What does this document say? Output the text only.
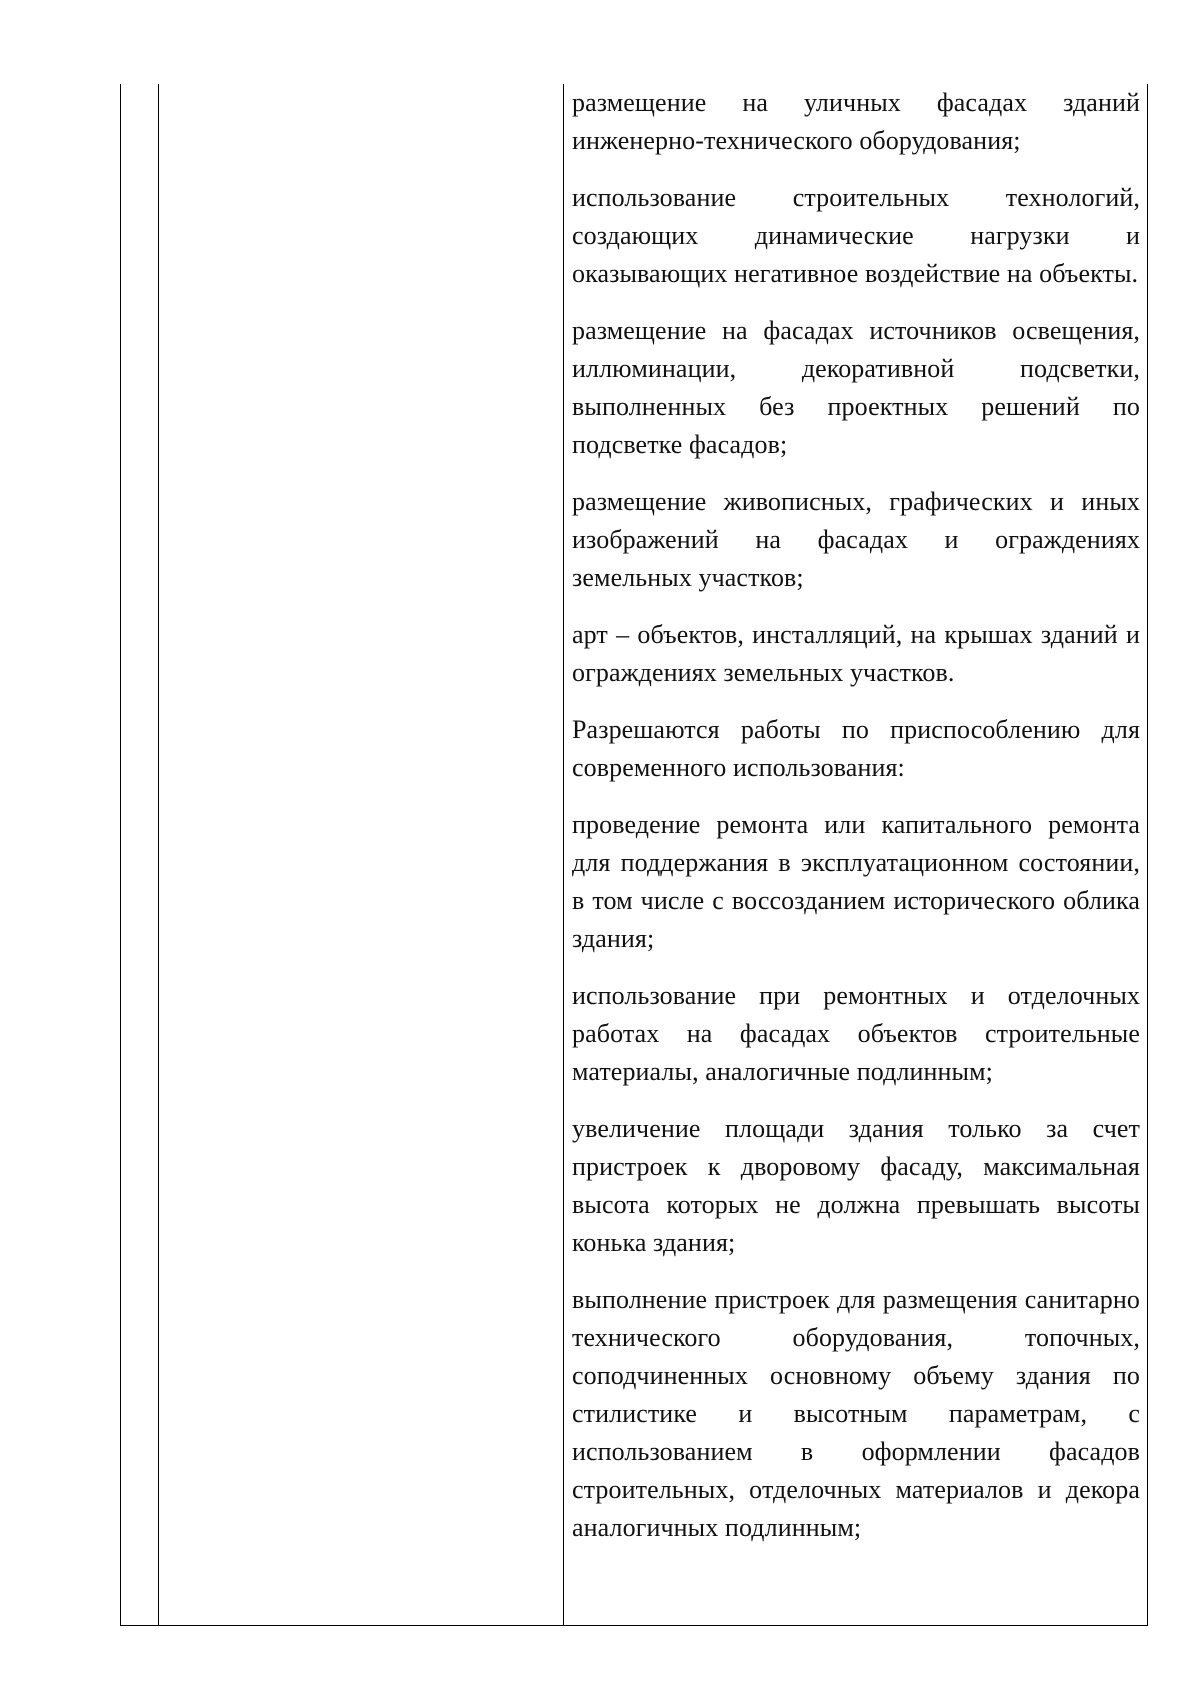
размещение на уличных фасадах зданий инженерно-технического оборудования;

использование строительных технологий, создающих динамические нагрузки и оказывающих негативное воздействие на объекты.

размещение на фасадах источников освещения, иллюминации, декоративной подсветки, выполненных без проектных решений по подсветке фасадов;

размещение живописных, графических и иных изображений на фасадах и ограждениях земельных участков;

арт – объектов, инсталляций, на крышах зданий и ограждениях земельных участков.

Разрешаются работы по приспособлению для современного использования:

проведение ремонта или капитального ремонта для поддержания в эксплуатационном состоянии, в том числе с воссозданием исторического облика здания;

использование при ремонтных и отделочных работах на фасадах объектов строительные материалы, аналогичные подлинным;

увеличение площади здания только за счет пристроек к дворовому фасаду, максимальная высота которых не должна превышать высоты конька здания;

выполнение пристроек для размещения санитарно технического оборудования, топочных, соподчиненных основному объему здания по стилистике и высотным параметрам, с использованием в оформлении фасадов строительных, отделочных материалов и декора аналогичных подлинным;
